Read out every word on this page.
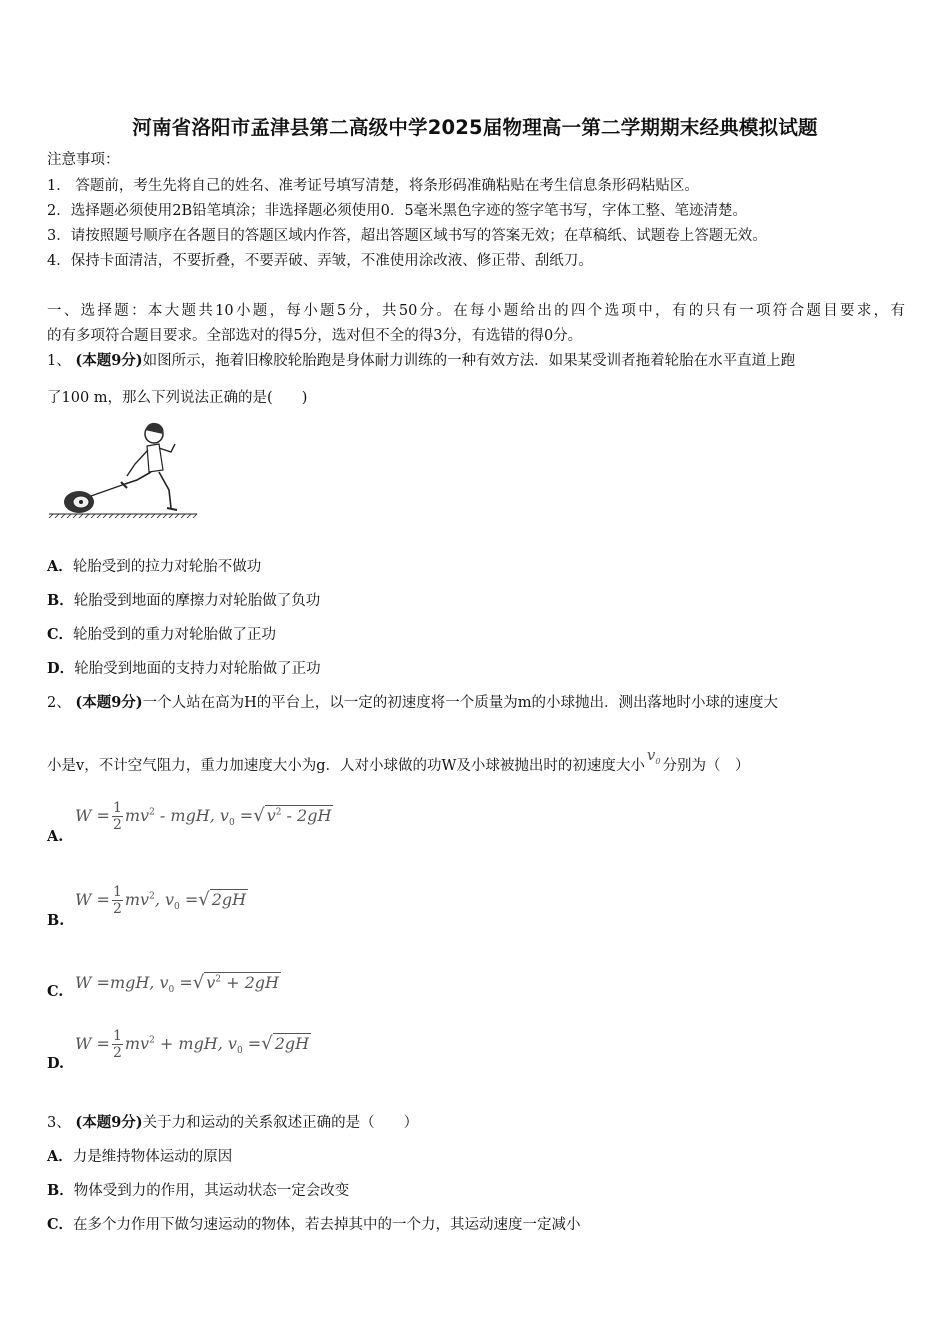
河南省洛阳市孟津县第二高级中学2025届物理高一第二学期期末经典模拟试题
注意事项：
1． 答题前，考生先将自己的姓名、准考证号填写清楚，将条形码准确粘贴在考生信息条形码粘贴区。
2．选择题必须使用2B铅笔填涂；非选择题必须使用0．5毫米黑色字迹的签字笔书写，字体工整、笔迹清楚。
3．请按照题号顺序在各题目的答题区域内作答，超出答题区域书写的答案无效；在草稿纸、试题卷上答题无效。
4．保持卡面清洁，不要折叠，不要弄破、弄皱，不准使用涂改液、修正带、刮纸刀。
一、选择题：本大题共10小题，每小题5分，共50分。在每小题给出的四个选项中，有的只有一项符合题目要求，有
的有多项符合题目要求。全部选对的得5分，选对但不全的得3分，有选错的得0分。
1、 (本题9分)如图所示，拖着旧橡胶轮胎跑是身体耐力训练的一种有效方法．如果某受训者拖着轮胎在水平直道上跑
了100 m，那么下列说法正确的是(　　)
A．轮胎受到的拉力对轮胎不做功
B．轮胎受到地面的摩擦力对轮胎做了负功
C．轮胎受到的重力对轮胎做了正功
D．轮胎受到地面的支持力对轮胎做了正功
2、 (本题9分)一个人站在高为H的平台上，以一定的初速度将一个质量为m的小球抛出．测出落地时小球的速度大
小是v，不计空气阻力，重力加速度大小为g．人对小球做的功W及小球被抛出时的初速度大小$v_0$ 分别为（　）
A.
$W = \frac{1}{2} mv^2$ - mgH, $v_0$ =√ $v^2 - 2gH$
B.
$W = \frac{1}{2} mv^2$, $v_0$ =√ 2gH
C. W =mgH, $v_0$ =√ $v^2 + 2gH$
D.
$W = \frac{1}{2} mv^2$ + mgH, $v_0$ =√ 2gH
3、 (本题9分)关于力和运动的关系叙述正确的是（　　）
A．力是维持物体运动的原因
B．物体受到力的作用，其运动状态一定会改变
C．在多个力作用下做匀速运动的物体，若去掉其中的一个力，其运动速度一定减小
